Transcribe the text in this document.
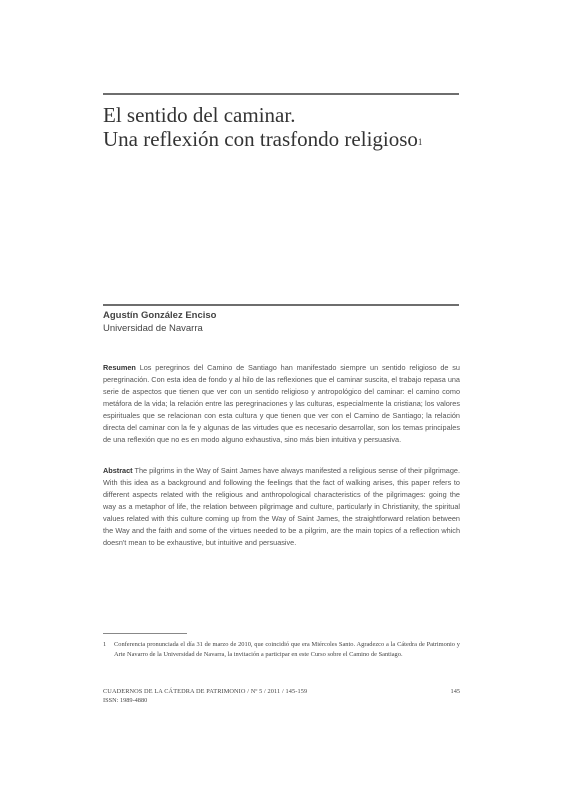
El sentido del caminar.
Una reflexión con trasfondo religioso$^1$
Agustín González Enciso
Universidad de Navarra
Resumen Los peregrinos del Camino de Santiago han manifestado siempre un sentido religioso de su peregrinación. Con esta idea de fondo y al hilo de las reflexiones que el caminar suscita, el trabajo repasa una serie de aspectos que tienen que ver con un sentido religioso y antropológico del caminar: el camino como metáfora de la vida; la relación entre las peregrinaciones y las culturas, especialmente la cristiana; los valores espirituales que se relacionan con esta cultura y que tienen que ver con el Camino de Santiago; la relación directa del caminar con la fe y algunas de las virtudes que es necesario desarrollar, son los temas principales de una reflexión que no es en modo alguno exhaustiva, sino más bien intuitiva y persuasiva.
Abstract The pilgrims in the Way of Saint James have always manifested a religious sense of their pilgrimage. With this idea as a background and following the feelings that the fact of walking arises, this paper refers to different aspects related with the religious and anthropological characteristics of the pilgrimages: going the way as a metaphor of life, the relation between pilgrimage and culture, particularly in Christianity, the spiritual values related with this culture coming up from the Way of Saint James, the straightforward relation between the Way and the faith and some of the virtues needed to be a pilgrim, are the main topics of a reflection which doesn't mean to be exhaustive, but intuitive and persuasive.
1 Conferencia pronunciada el día 31 de marzo de 2010, que coincidió que era Miércoles Santo. Agradezco a la Cátedra de Patrimonio y Arte Navarro de la Universidad de Navarra, la invitación a participar en este Curso sobre el Camino de Santiago.
CUADERNOS DE LA CÁTEDRA DE PATRIMONIO / Nº 5 / 2011 / 145-159	145
ISSN: 1989-4880
